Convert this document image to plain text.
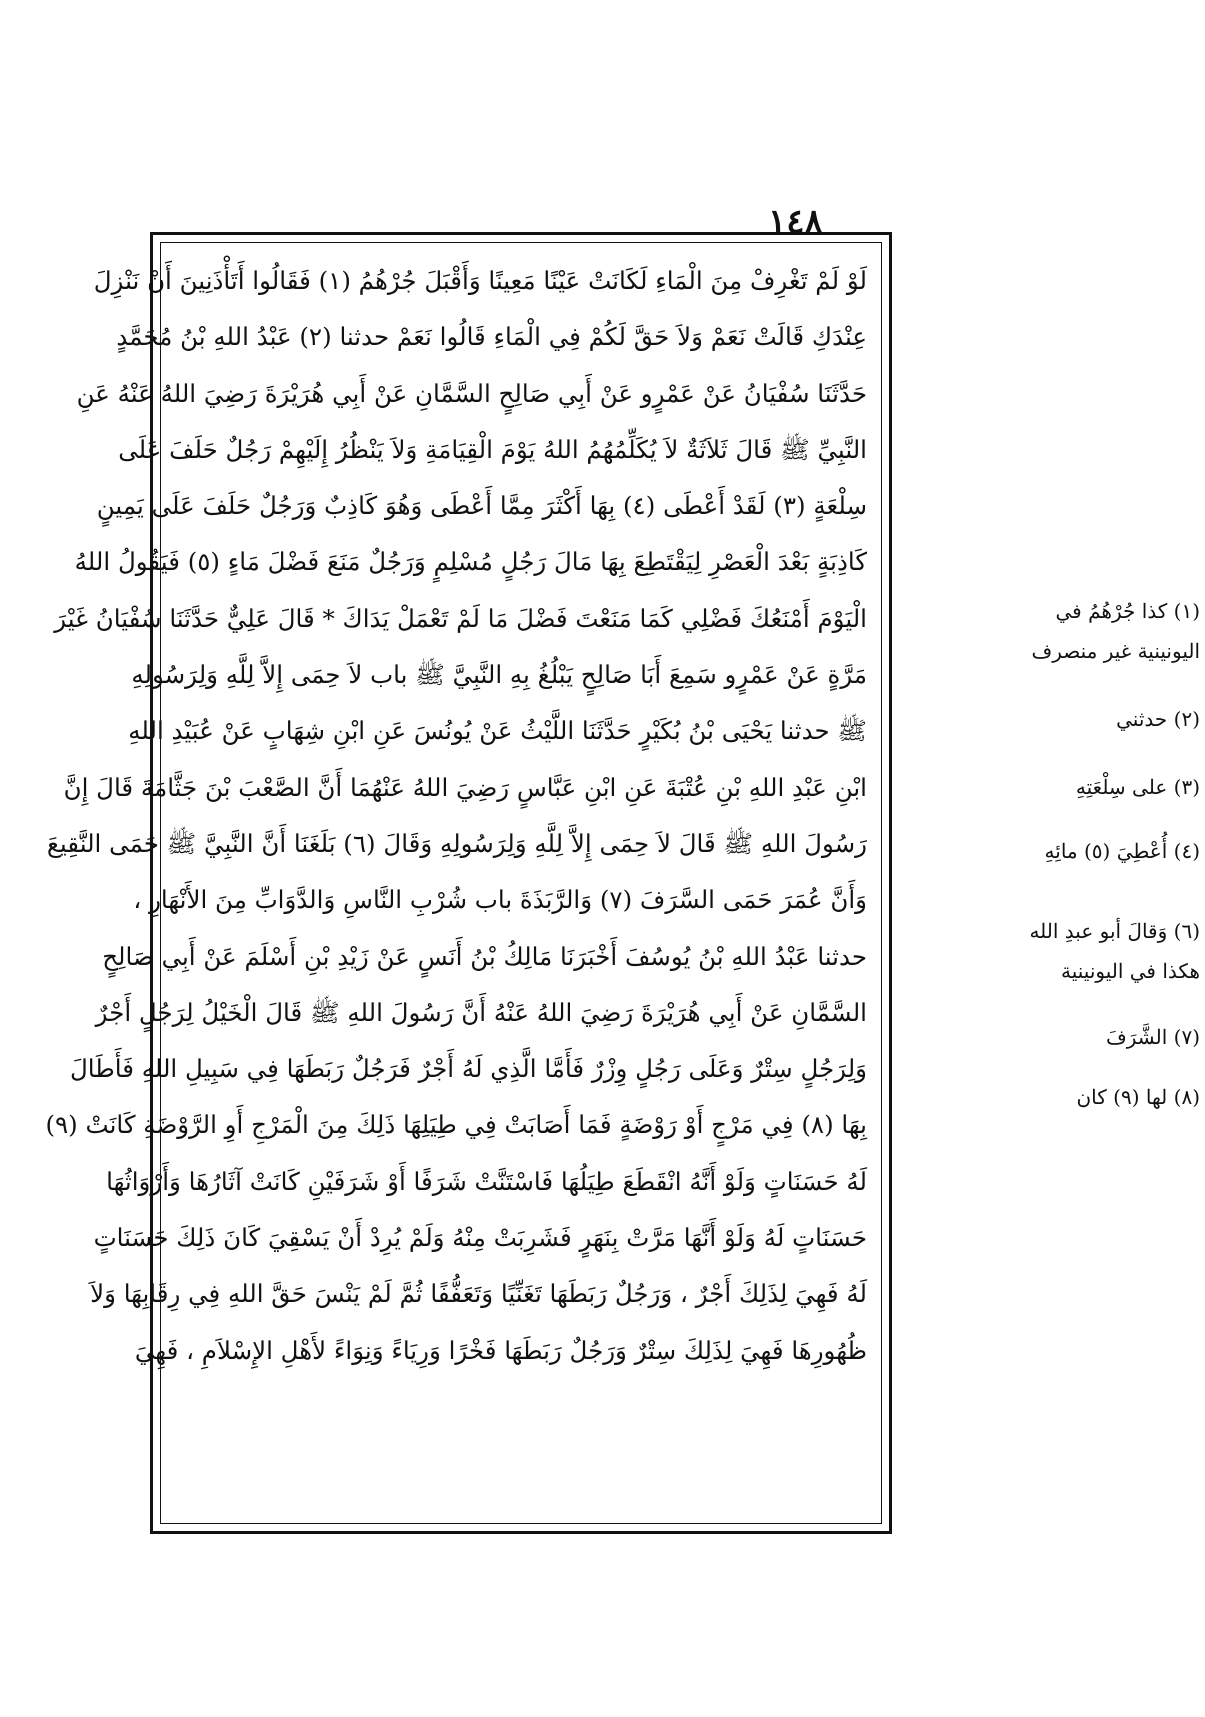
١٤٨
لَوْ لَمْ تَغْرِفْ مِنَ الْمَاءِ لَكَانَتْ عَيْنًا مَعِينًا وَأَقْبَلَ جُرْهُمُ (١) فَقَالُوا أَتَأْذَنِينَ أَنْ نَنْزِلَ
عِنْدَكِ قَالَتْ نَعَمْ وَلاَ حَقَّ لَكُمْ فِي الْمَاءِ قَالُوا نَعَمْ حدثنا (٢) عَبْدُ اللهِ بْنُ مُحَمَّدٍ
حَدَّثَنَا سُفْيَانُ عَنْ عَمْرٍو عَنْ أَبِي صَالِحٍ السَّمَّانِ عَنْ أَبِي هُرَيْرَةَ رَضِيَ اللهُ عَنْهُ عَنِ
النَّبِيِّ ﷺ قَالَ ثَلاَثَةٌ لاَ يُكَلِّمُهُمُ اللهُ يَوْمَ الْقِيَامَةِ وَلاَ يَنْظُرُ إِلَيْهِمْ رَجُلٌ حَلَفَ عَلَى
سِلْعَةٍ (٣) لَقَدْ أَعْطَى (٤) بِهَا أَكْثَرَ مِمَّا أَعْطَى وَهُوَ كَاذِبٌ وَرَجُلٌ حَلَفَ عَلَى يَمِينٍ
كَاذِبَةٍ بَعْدَ الْعَصْرِ لِيَقْتَطِعَ بِهَا مَالَ رَجُلٍ مُسْلِمٍ وَرَجُلٌ مَنَعَ فَضْلَ مَاءٍ (٥) فَيَقُولُ اللهُ
الْيَوْمَ أَمْنَعُكَ فَضْلِي كَمَا مَنَعْتَ فَضْلَ مَا لَمْ تَعْمَلْ يَدَاكَ * قَالَ عَلِيٌّ حَدَّثَنَا سُفْيَانُ غَيْرَ
مَرَّةٍ عَنْ عَمْرٍو سَمِعَ أَبَا صَالِحٍ يَبْلُغُ بِهِ النَّبِيَّ ﷺ باب لاَ حِمَى إِلاَّ لِلَّهِ وَلِرَسُولِهِ
ﷺ حدثنا يَحْيَى بْنُ بُكَيْرٍ حَدَّثَنَا اللَّيْثُ عَنْ يُونُسَ عَنِ ابْنِ شِهَابٍ عَنْ عُبَيْدِ اللهِ
ابْنِ عَبْدِ اللهِ بْنِ عُتْبَةَ عَنِ ابْنِ عَبَّاسٍ رَضِيَ اللهُ عَنْهُمَا أَنَّ الصَّعْبَ بْنَ جَثَّامَةَ قَالَ إِنَّ
رَسُولَ اللهِ ﷺ قَالَ لاَ حِمَى إِلاَّ لِلَّهِ وَلِرَسُولِهِ وَقَالَ (٦) بَلَغَنَا أَنَّ النَّبِيَّ ﷺ حَمَى النَّقِيعَ
وَأَنَّ عُمَرَ حَمَى السَّرَفَ (٧) وَالرَّبَذَةَ باب شُرْبِ النَّاسِ وَالدَّوَابِّ مِنَ الأَنْهَارِ ،
حدثنا عَبْدُ اللهِ بْنُ يُوسُفَ أَخْبَرَنَا مَالِكُ بْنُ أَنَسٍ عَنْ زَيْدِ بْنِ أَسْلَمَ عَنْ أَبِي صَالِحٍ
السَّمَّانِ عَنْ أَبِي هُرَيْرَةَ رَضِيَ اللهُ عَنْهُ أَنَّ رَسُولَ اللهِ ﷺ قَالَ الْخَيْلُ لِرَجُلٍ أَجْرٌ
وَلِرَجُلٍ سِتْرٌ وَعَلَى رَجُلٍ وِزْرٌ فَأَمَّا الَّذِي لَهُ أَجْرٌ فَرَجُلٌ رَبَطَهَا فِي سَبِيلِ اللهِ فَأَطَالَ
بِهَا (٨) فِي مَرْجٍ أَوْ رَوْضَةٍ فَمَا أَصَابَتْ فِي طِيَلِهَا ذَلِكَ مِنَ الْمَرْجِ أَوِ الرَّوْضَةِ كَانَتْ (٩)
لَهُ حَسَنَاتٍ وَلَوْ أَنَّهُ انْقَطَعَ طِيَلُهَا فَاسْتَنَّتْ شَرَفًا أَوْ شَرَفَيْنِ كَانَتْ آثَارُهَا وَأَرْوَاثُهَا
حَسَنَاتٍ لَهُ وَلَوْ أَنَّهَا مَرَّتْ بِنَهَرٍ فَشَرِبَتْ مِنْهُ وَلَمْ يُرِدْ أَنْ يَسْقِيَ كَانَ ذَلِكَ حَسَنَاتٍ
لَهُ فَهِيَ لِذَلِكَ أَجْرٌ ، وَرَجُلٌ رَبَطَهَا تَغَنِّيًا وَتَعَفُّفًا ثُمَّ لَمْ يَنْسَ حَقَّ اللهِ فِي رِقَابِهَا وَلاَ
ظُهُورِهَا فَهِيَ لِذَلِكَ سِتْرٌ وَرَجُلٌ رَبَطَهَا فَخْرًا وَرِيَاءً وَنِوَاءً لأَهْلِ الإِسْلاَمِ ، فَهِيَ
(١) كذا جُرْهُمُ في
اليونينية غير منصرف
(٢) حدثني
(٣) على سِلْعَتِهِ
(٤) أُعْطِيَ (٥) مائِهِ
(٦) وَقالَ أبو عبدِ الله
هكذا في اليونينية
(٧) الشَّرَفَ
(٨) لها (٩) كان
